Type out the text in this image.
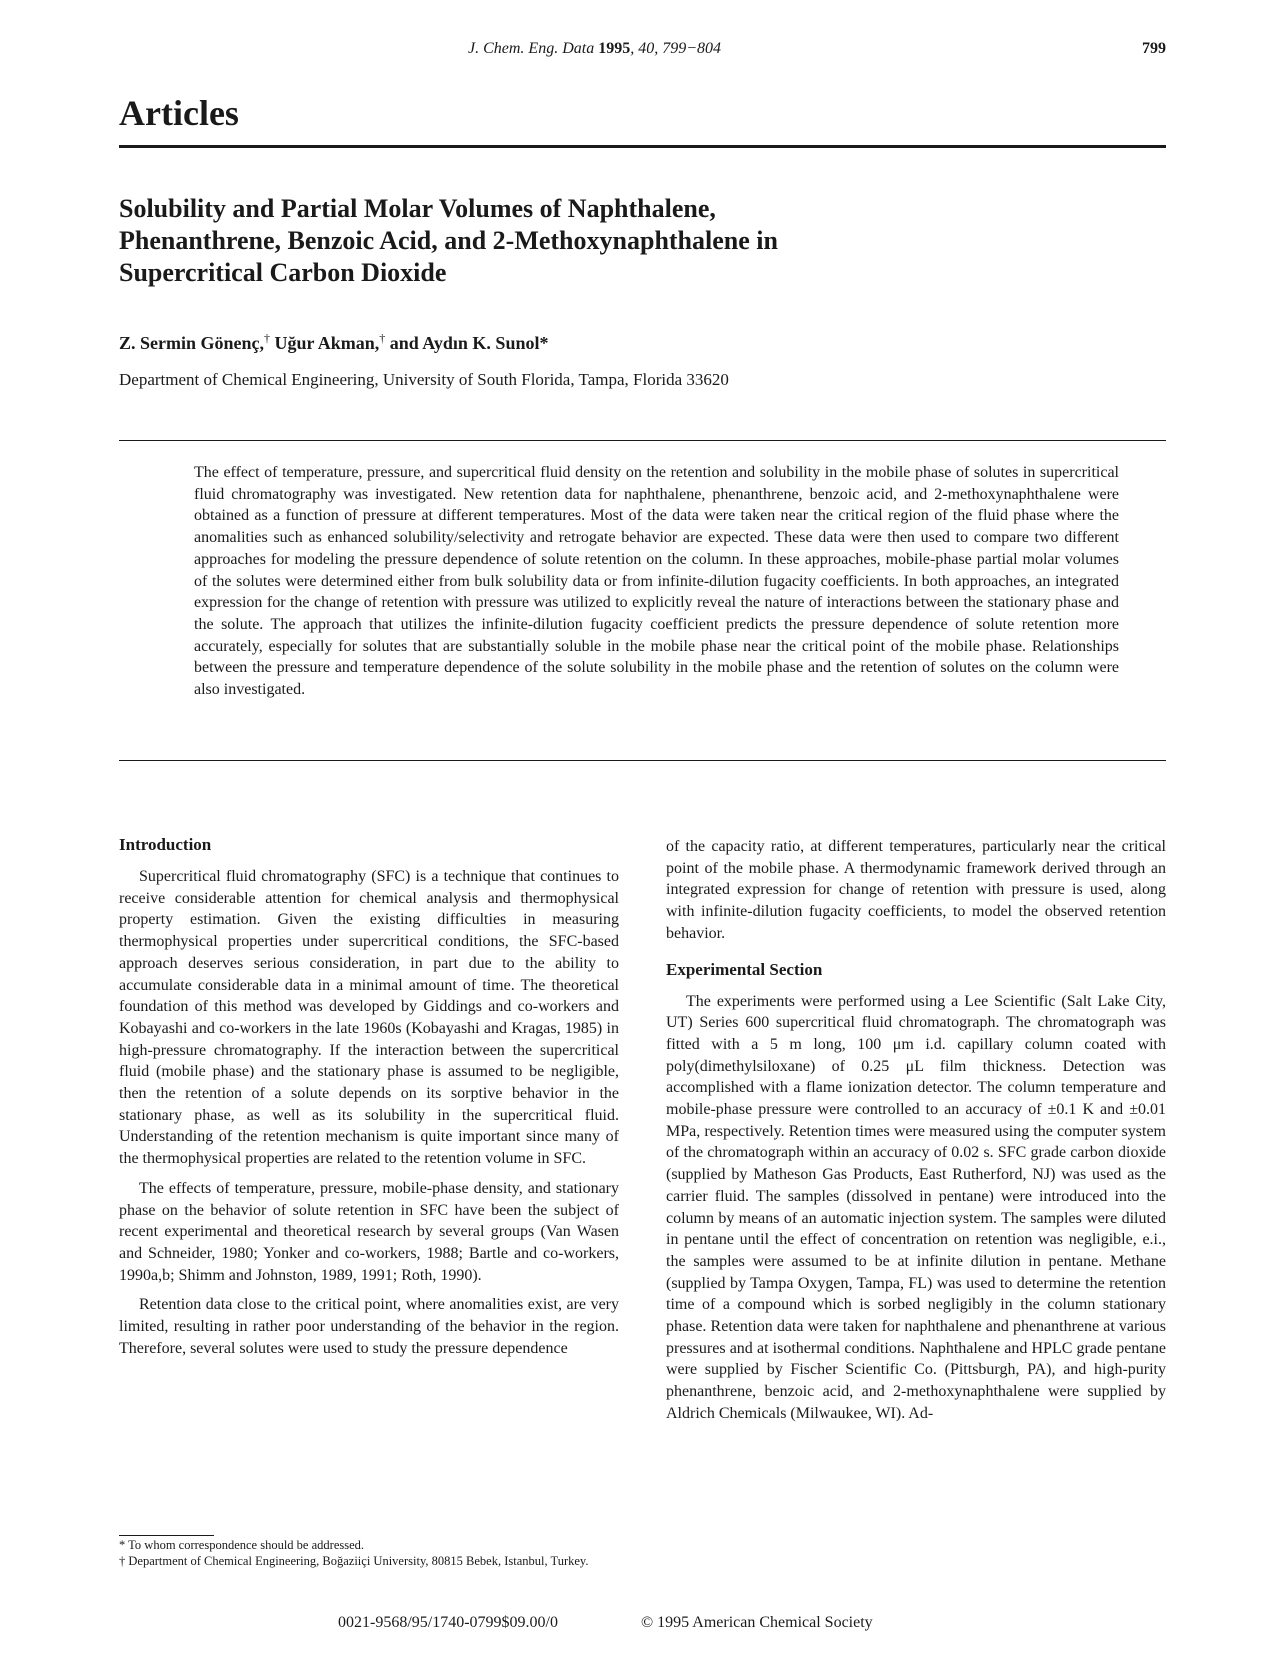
J. Chem. Eng. Data 1995, 40, 799−804	799
Articles
Solubility and Partial Molar Volumes of Naphthalene,
Phenanthrene, Benzoic Acid, and 2-Methoxynaphthalene in
Supercritical Carbon Dioxide
Z. Sermin Gönenç,† Uğur Akman,† and Aydın K. Sunol*
Department of Chemical Engineering, University of South Florida, Tampa, Florida 33620

The effect of temperature, pressure, and supercritical fluid density on the retention and solubility in the mobile phase of solutes in supercritical fluid chromatography was investigated. New retention data for naphthalene, phenanthrene, benzoic acid, and 2-methoxynaphthalene were obtained as a function of pressure at different temperatures. Most of the data were taken near the critical region of the fluid phase where the anomalities such as enhanced solubility/selectivity and retrogate behavior are expected. These data were then used to compare two different approaches for modeling the pressure dependence of solute retention on the column. In these approaches, mobile-phase partial molar volumes of the solutes were determined either from bulk solubility data or from infinite-dilution fugacity coefficients. In both approaches, an integrated expression for the change of retention with pressure was utilized to explicitly reveal the nature of interactions between the stationary phase and the solute. The approach that utilizes the infinite-dilution fugacity coefficient predicts the pressure dependence of solute retention more accurately, especially for solutes that are substantially soluble in the mobile phase near the critical point of the mobile phase. Relationships between the pressure and temperature dependence of the solute solubility in the mobile phase and the retention of solutes on the column were also investigated.

Introduction

Supercritical fluid chromatography (SFC) is a technique that continues to receive considerable attention for chemical analysis and thermophysical property estimation. Given the existing difficulties in measuring thermophysical properties under supercritical conditions, the SFC-based approach deserves serious consideration, in part due to the ability to accumulate considerable data in a minimal amount of time. The theoretical foundation of this method was developed by Giddings and co-workers and Kobayashi and co-workers in the late 1960s (Kobayashi and Kragas, 1985) in high-pressure chromatography. If the interaction between the supercritical fluid (mobile phase) and the stationary phase is assumed to be negligible, then the retention of a solute depends on its sorptive behavior in the stationary phase, as well as its solubility in the supercritical fluid. Understanding of the retention mechanism is quite important since many of the thermophysical properties are related to the retention volume in SFC.

The effects of temperature, pressure, mobile-phase density, and stationary phase on the behavior of solute retention in SFC have been the subject of recent experimental and theoretical research by several groups (Van Wasen and Schneider, 1980; Yonker and co-workers, 1988; Bartle and co-workers, 1990a,b; Shimm and Johnston, 1989, 1991; Roth, 1990).

Retention data close to the critical point, where anomalities exist, are very limited, resulting in rather poor understanding of the behavior in the region. Therefore, several solutes were used to study the pressure dependence

of the capacity ratio, at different temperatures, particularly near the critical point of the mobile phase. A thermodynamic framework derived through an integrated expression for change of retention with pressure is used, along with infinite-dilution fugacity coefficients, to model the observed retention behavior.

Experimental Section

The experiments were performed using a Lee Scientific (Salt Lake City, UT) Series 600 supercritical fluid chromatograph. The chromatograph was fitted with a 5 m long, 100 μm i.d. capillary column coated with poly(dimethylsiloxane) of 0.25 μL film thickness. Detection was accomplished with a flame ionization detector. The column temperature and mobile-phase pressure were controlled to an accuracy of ±0.1 K and ±0.01 MPa, respectively. Retention times were measured using the computer system of the chromatograph within an accuracy of 0.02 s. SFC grade carbon dioxide (supplied by Matheson Gas Products, East Rutherford, NJ) was used as the carrier fluid. The samples (dissolved in pentane) were introduced into the column by means of an automatic injection system. The samples were diluted in pentane until the effect of concentration on retention was negligible, e.i., the samples were assumed to be at infinite dilution in pentane. Methane (supplied by Tampa Oxygen, Tampa, FL) was used to determine the retention time of a compound which is sorbed negligibly in the column stationary phase. Retention data were taken for naphthalene and phenanthrene at various pressures and at isothermal conditions. Naphthalene and HPLC grade pentane were supplied by Fischer Scientific Co. (Pittsburgh, PA), and high-purity phenanthrene, benzoic acid, and 2-methoxynaphthalene were supplied by Aldrich Chemicals (Milwaukee, WI). Ad-

* To whom correspondence should be addressed.
† Department of Chemical Engineering, Boğaziiçi University, 80815 Bebek, Istanbul, Turkey.
0021-9568/95/1740-0799$09.00/0	© 1995 American Chemical Society
